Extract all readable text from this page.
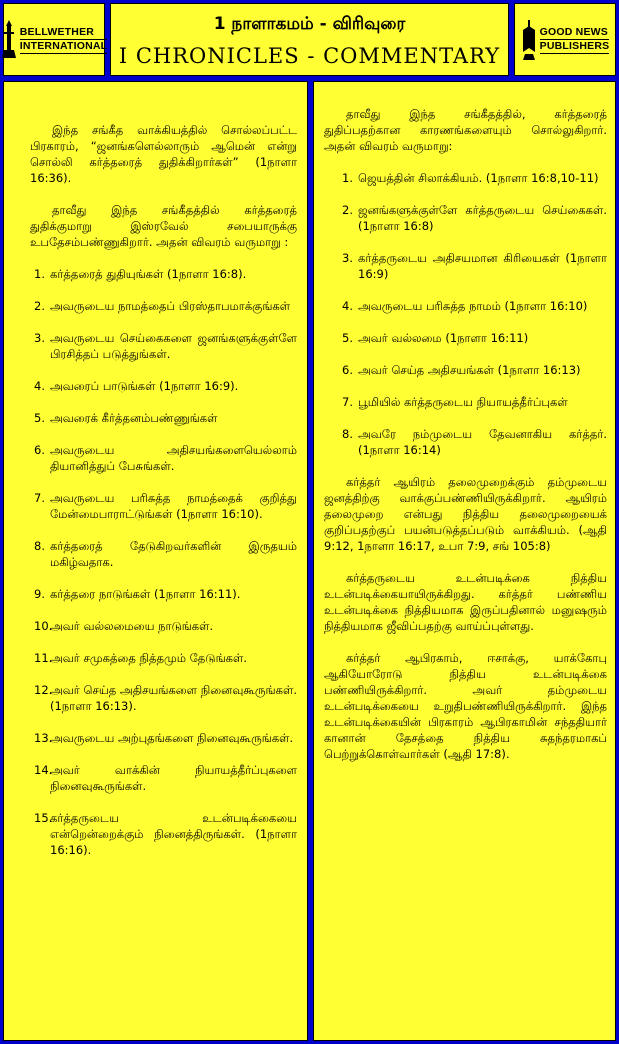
BELLWETHER
INTERNATIONAL
1 நாளாகமம் - விரிவுரை
I CHRONICLES - COMMENTARY
GOOD NEWS
PUBLISHERS

இந்த சங்கீத வாக்கியத்தில் சொல்லப்பட்ட பிரகாரம், “ஜனங்களெல்லாரும் ஆமென் என்று சொல்லி கர்த்தரைத் துதிக்கிறார்கள்” (1நாளா 16:36).

தாவீது இந்த சங்கீதத்தில் கர்த்தரைத் துதிக்குமாறு இஸ்ரவேல் சபையாருக்கு உபதேசம்பண்ணுகிறார். அதன் விவரம் வருமாறு :

1. கர்த்தரைத் துதியுங்கள் (1நாளா 16:8).
2. அவருடைய நாமத்தைப் பிரஸ்தாபமாக்குங்கள்
3. அவருடைய செய்கைகளை ஜனங்களுக்குள்ளே பிரசித்தப் படுத்துங்கள்.
4. அவரைப் பாடுங்கள் (1நாளா 16:9).
5. அவரைக் கீர்த்தனம்பண்ணுங்கள்
6. அவருடைய அதிசயங்களையெல்லாம் தியானித்துப் பேசுங்கள்.
7. அவருடைய பரிசுத்த நாமத்தைக் குறித்து மேன்மைபாராட்டுங்கள் (1நாளா 16:10).
8. கர்த்தரைத் தேடுகிறவர்களின் இருதயம் மகிழ்வதாக.
9. கர்த்தரை நாடுங்கள் (1நாளா 16:11).
10.
அவர் வல்லமையை நாடுங்கள்.
11.
அவர் சமுகத்தை நித்தமும் தேடுங்கள்.
12.
அவர் செய்த அதிசயங்களை நினைவுகூருங்கள். (1நாளா 16:13).
13.
அவருடைய அற்புதங்களை நினைவுகூருங்கள்.
14.
அவர் வாக்கின் நியாயத்தீர்ப்புகளை நினைவுகூருங்கள்.
15.
கர்த்தருடைய உடன்படிக்கையை என்றென்றைக்கும் நினைத்திருங்கள். (1நாளா 16:16).

தாவீது இந்த சங்கீதத்தில், கர்த்தரைத் துதிப்பதற்கான காரணங்களையும் சொல்லுகிறார். அதன் விவரம் வருமாறு:

1. ஜெயத்தின் சிலாக்கியம். (1நாளா 16:8,10-11)
2. ஜனங்களுக்குள்ளே கர்த்தருடைய செய்கைகள். (1நாளா 16:8)
3. கர்த்தருடைய அதிசயமான கிரியைகள் (1நாளா 16:9)
4. அவருடைய பரிசுத்த நாமம் (1நாளா 16:10)
5. அவர் வல்லமை (1நாளா 16:11)
6. அவர் செய்த அதிசயங்கள் (1நாளா 16:13)
7. பூமியில் கர்த்தருடைய நியாயத்தீர்ப்புகள்
8. அவரே நம்முடைய தேவனாகிய கர்த்தர். (1நாளா 16:14)

கர்த்தர் ஆயிரம் தலைமுறைக்கும் தம்முடைய ஜனத்திற்கு வாக்குப்பண்ணியிருக்கிறார். ஆயிரம் தலைமுறை என்பது நித்திய தலைமுறையைக் குறிப்பதற்குப் பயன்படுத்தப்படும் வாக்கியம். (ஆதி 9:12, 1நாளா 16:17, உபா 7:9, சங் 105:8)

கர்த்தருடைய உடன்படிக்கை நித்திய உடன்படிக்கையாயிருக்கிறது. கர்த்தர் பண்ணிய உடன்படிக்கை நித்தியமாக இருப்பதினால் மனுஷரும் நித்தியமாக ஜீவிப்பதற்கு வாய்ப்புள்ளது.

கர்த்தர் ஆபிரகாம், ஈசாக்கு, யாக்கோபு ஆகியோரோடு நித்திய உடன்படிக்கை பண்ணியிருக்கிறார். அவர் தம்முடைய உடன்படிக்கையை உறுதிபண்ணியிருக்கிறார். இந்த உடன்படிக்கையின் பிரகாரம் ஆபிரகாமின் சந்ததியார் கானான் தேசத்தை நித்திய சுதந்தரமாகப் பெற்றுக்கொள்வார்கள் (ஆதி 17:8).
